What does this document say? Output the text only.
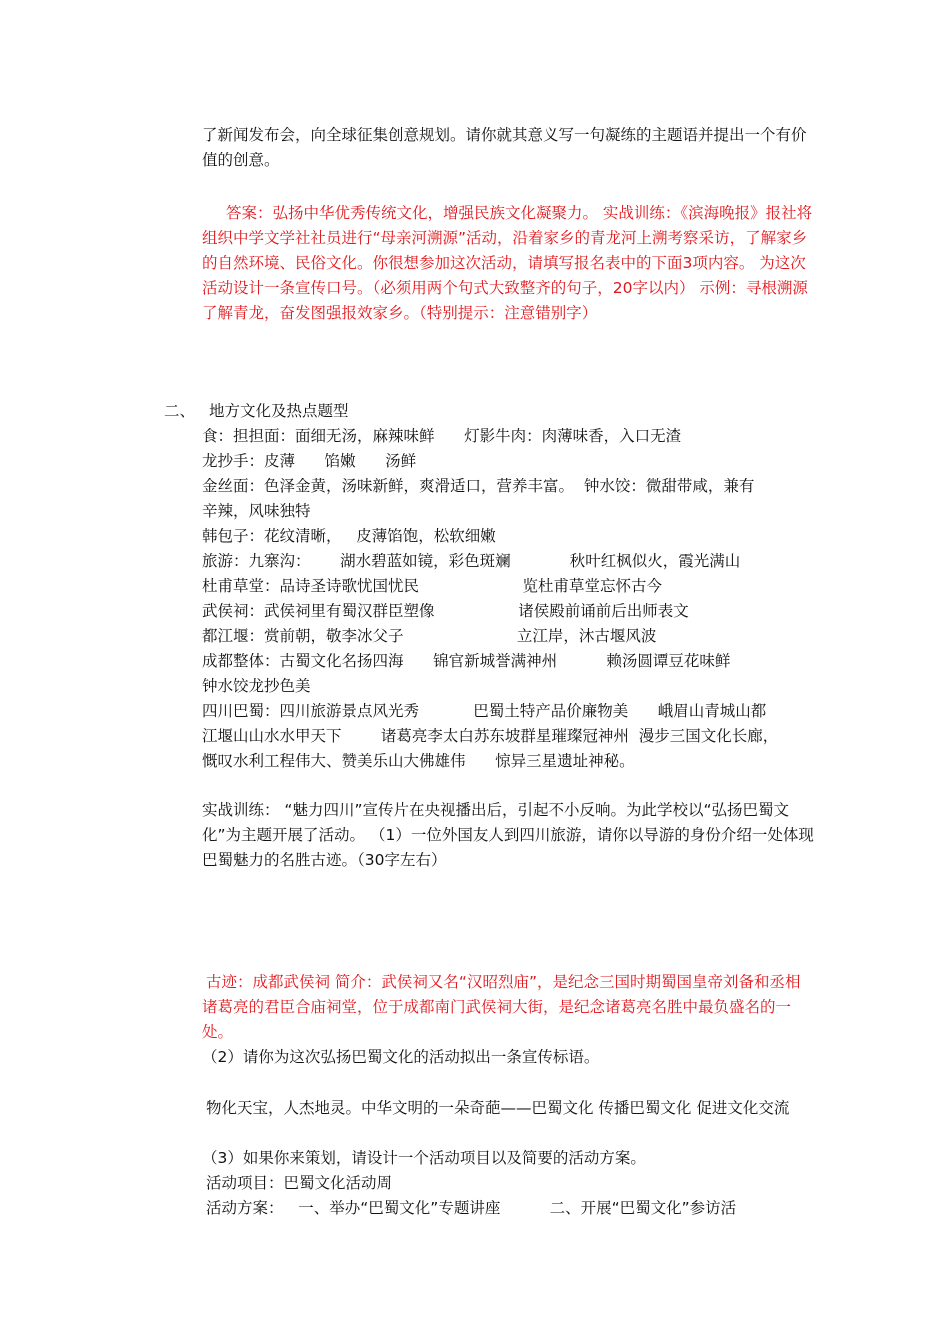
了新闻发布会，向全球征集创意规划。请你就其意义写一句凝练的主题语并提出一个有价值的创意。

答案：弘扬中华优秀传统文化，增强民族文化凝聚力。 实战训练：《滨海晚报》报社将组织中学文学社社员进行“母亲河溯源”活动，沿着家乡的青龙河上溯考察采访，了解家乡的自然环境、民俗文化。你很想参加这次活动，请填写报名表中的下面3项内容。 为这次活动设计一条宣传口号。（必须用两个句式大致整齐的句子，20字以内） 示例：寻根溯源了解青龙，奋发图强报效家乡。（特别提示：注意错别字）

二、 地方文化及热点题型
食：担担面：面细无汤，麻辣味鲜      灯影牛肉：肉薄味香，入口无渣
龙抄手：皮薄      馅嫩      汤鲜
金丝面：色泽金黄，汤味新鲜，爽滑适口，营养丰富。  钟水饺：微甜带咸，兼有
辛辣，风味独特
韩包子：花纹清晰，   皮薄馅饱，松软细嫩
旅游：九寨沟：      湖水碧蓝如镜，彩色斑斓            秋叶红枫似火，霞光满山
杜甫草堂：品诗圣诗歌忧国忧民                     览杜甫草堂忘怀古今
武侯祠：武侯祠里有蜀汉群臣塑像                 诸侯殿前诵前后出师表文
都江堰：赏前朝，敬李冰父子                       立江岸，沐古堰风波
成都整体：古蜀文化名扬四海      锦官新城誉满神州          赖汤圆谭豆花味鲜
钟水饺龙抄色美
四川巴蜀：四川旅游景点风光秀           巴蜀土特产品价廉物美      峨眉山青城山都
江堰山山水水甲天下        诸葛亮李太白苏东坡群星璀璨冠神州  漫步三国文化长廊，
慨叹水利工程伟大、赞美乐山大佛雄伟      惊异三星遗址神秘。

实战训练： “魅力四川”宣传片在央视播出后，引起不小反响。为此学校以“弘扬巴蜀文化”为主题开展了活动。 （1）一位外国友人到四川旅游，请你以导游的身份介绍一处体现巴蜀魅力的名胜古迹。（30字左右）

古迹：成都武侯祠 简介：武侯祠又名“汉昭烈庙”，是纪念三国时期蜀国皇帝刘备和丞相诸葛亮的君臣合庙祠堂，位于成都南门武侯祠大街，是纪念诸葛亮名胜中最负盛名的一处。

（2）请你为这次弘扬巴蜀文化的活动拟出一条宣传标语。

物化天宝，人杰地灵。中华文明的一朵奇葩——巴蜀文化 传播巴蜀文化 促进文化交流

（3）如果你来策划，请设计一个活动项目以及简要的活动方案。
活动项目：巴蜀文化活动周
活动方案：   一、举办“巴蜀文化”专题讲座          二、开展“巴蜀文化”参访活
